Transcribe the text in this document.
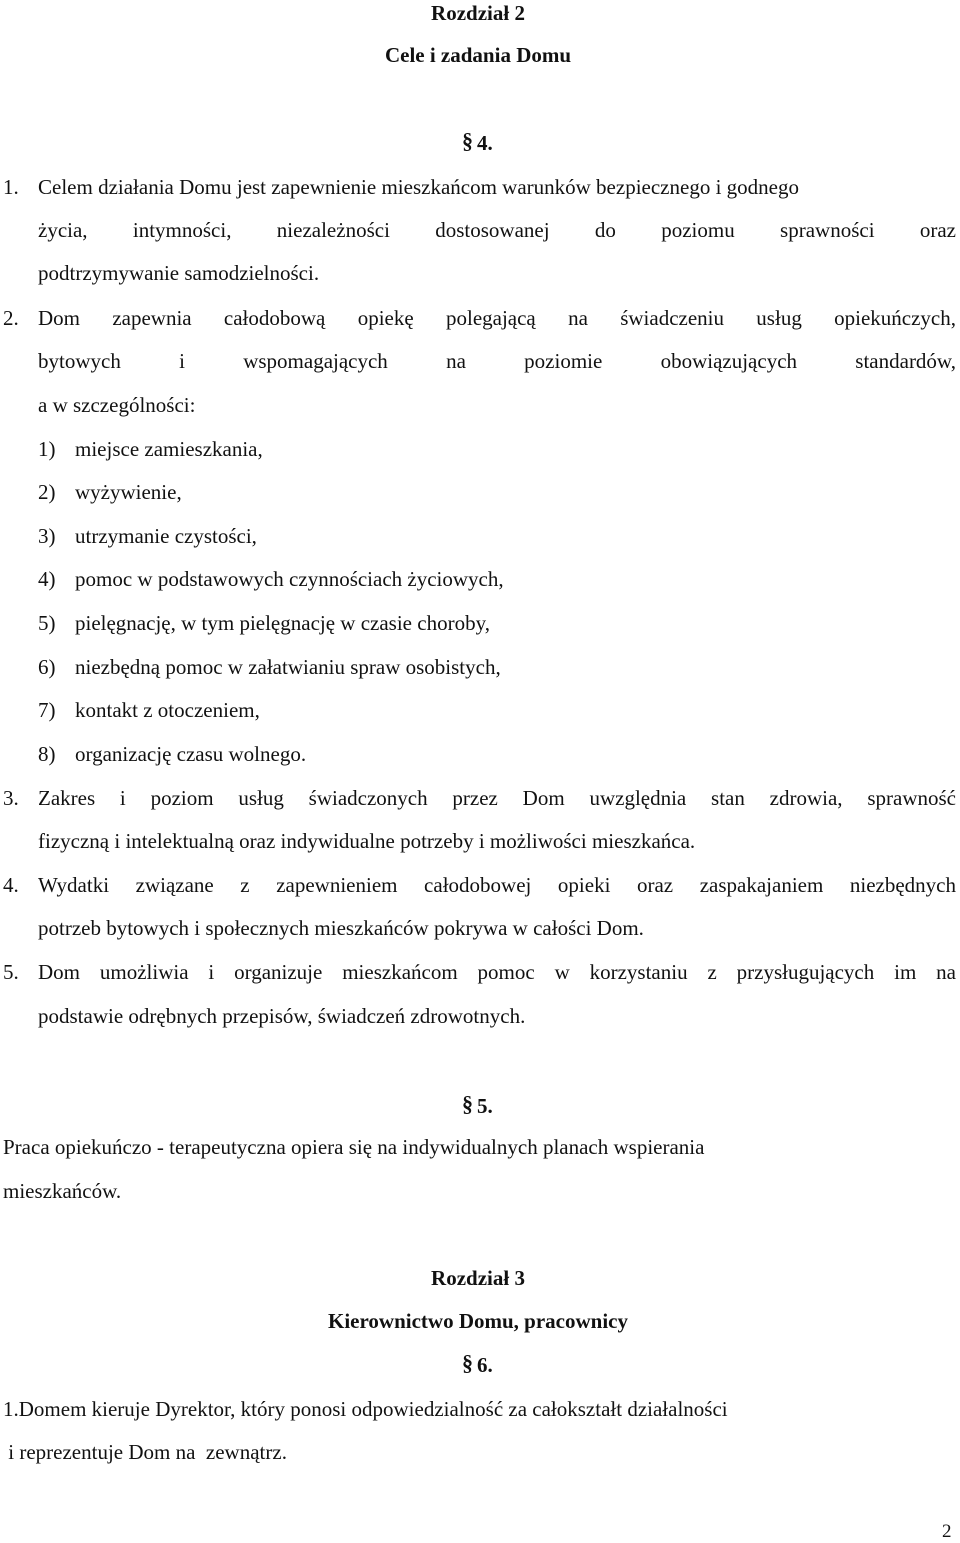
Rozdział 2
Cele i zadania Domu
§ 4.
1. Celem działania Domu jest zapewnienie mieszkańcom warunków bezpiecznego i godnego
życia, intymności, niezależności dostosowanej do poziomu sprawności oraz
podtrzymywanie samodzielności.
2. Dom zapewnia całodobową opiekę polegającą na świadczeniu usług opiekuńczych,
bytowych i wspomagających na poziomie obowiązujących standardów,
a w szczególności:
1) miejsce zamieszkania,
2) wyżywienie,
3) utrzymanie czystości,
4) pomoc w podstawowych czynnościach życiowych,
5) pielęgnację, w tym pielęgnację w czasie choroby,
6) niezbędną pomoc w załatwianiu spraw osobistych,
7) kontakt z otoczeniem,
8) organizację czasu wolnego.
3. Zakres i poziom usług świadczonych przez Dom uwzględnia stan zdrowia, sprawność
fizyczną i intelektualną oraz indywidualne potrzeby i możliwości mieszkańca.
4. Wydatki związane z zapewnieniem całodobowej opieki oraz zaspakajaniem niezbędnych
potrzeb bytowych i społecznych mieszkańców pokrywa w całości Dom.
5. Dom umożliwia i organizuje mieszkańcom pomoc w korzystaniu z przysługujących im na
podstawie odrębnych przepisów, świadczeń zdrowotnych.
§ 5.
Praca opiekuńczo - terapeutyczna opiera się na indywidualnych planach wspierania
mieszkańców.
Rozdział 3
Kierownictwo Domu, pracownicy
§ 6.
1.Domem kieruje Dyrektor, który ponosi odpowiedzialność za całokształt działalności
i reprezentuje Dom na  zewnątrz.
2
